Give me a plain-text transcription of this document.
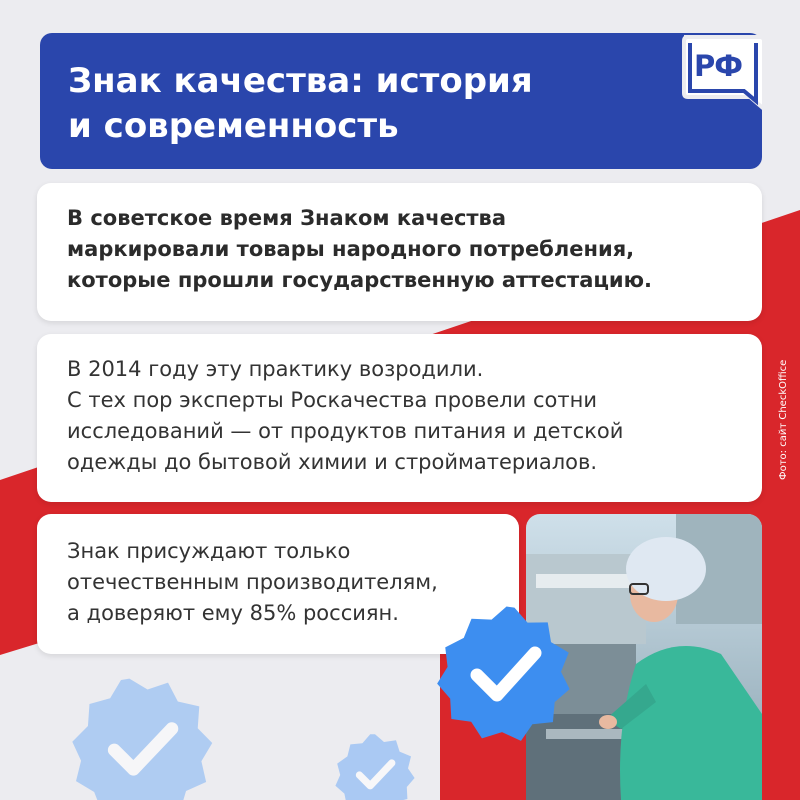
Знак качества: история
и современность
РФ
В советское время Знаком качества
маркировали товары народного потребления,
которые прошли государственную аттестацию.
В 2014 году эту практику возродили.
С тех пор эксперты Роскачества провели сотни
исследований — от продуктов питания и детской
одежды до бытовой химии и стройматериалов.
Знак присуждают только
отечественным производителям,
а доверяют ему 85% россиян.
Фото: сайт CheckOffice
